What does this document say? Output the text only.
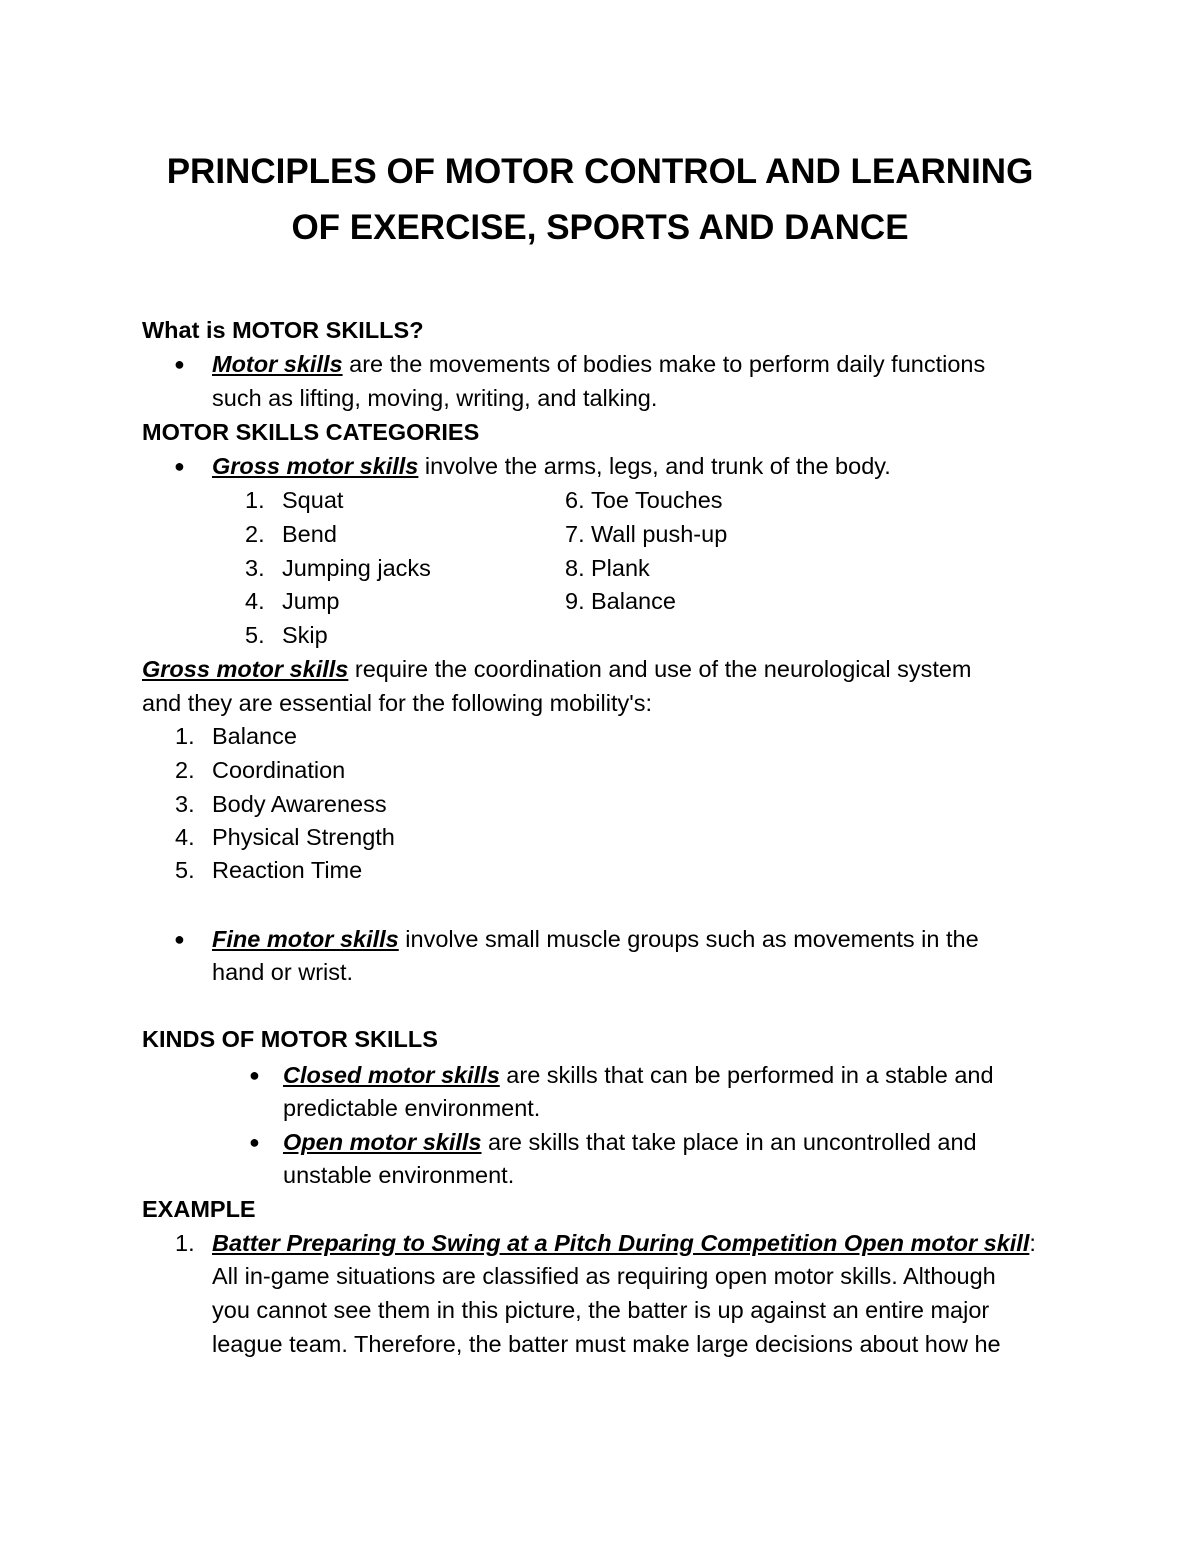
PRINCIPLES OF MOTOR CONTROL AND LEARNING
OF EXERCISE, SPORTS AND DANCE
What is MOTOR SKILLS?
● Motor skills are the movements of bodies make to perform daily functions
such as lifting, moving, writing, and talking.
MOTOR SKILLS CATEGORIES
● Gross motor skills involve the arms, legs, and trunk of the body.
1. Squat
2. Bend
3. Jumping jacks
4. Jump
5. Skip
6. Toe Touches
7. Wall push-up
8. Plank
9. Balance
Gross motor skills require the coordination and use of the neurological system
and they are essential for the following mobility's:
1. Balance
2. Coordination
3. Body Awareness
4. Physical Strength
5. Reaction Time
● Fine motor skills involve small muscle groups such as movements in the
hand or wrist.
KINDS OF MOTOR SKILLS
● Closed motor skills are skills that can be performed in a stable and
predictable environment.
● Open motor skills are skills that take place in an uncontrolled and
unstable environment.
EXAMPLE
1. Batter Preparing to Swing at a Pitch During Competition Open motor skill:
All in-game situations are classified as requiring open motor skills. Although
you cannot see them in this picture, the batter is up against an entire major
league team. Therefore, the batter must make large decisions about how he
